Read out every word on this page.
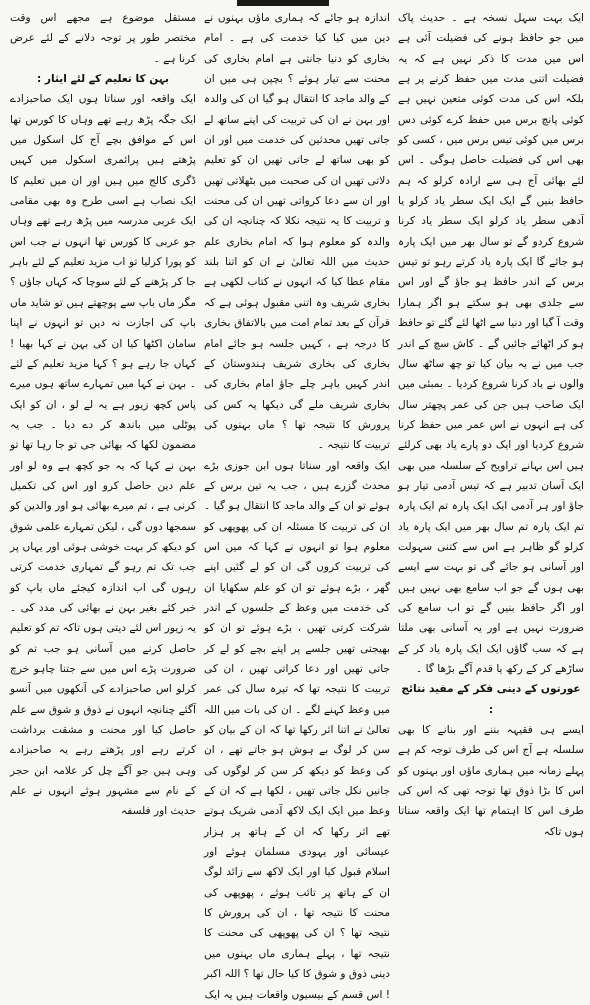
ایک بہت سہل نسخہ ہے ۔ حدیث پاک میں جو حافظ ہونے کی فضیلت آئی ہے اس میں مدت کا ذکر نہیں ہے کہ یہ فضیلت اتنی مدت میں حفظ کرنے پر ہے بلکہ اس کی مدت کوئی متعین نہیں ہے کوئی پانچ برس میں حفظ کرے کوئی دس برس میں کوئی تیس برس میں ، کسی کو بھی اس کی فضیلت حاصل ہوگی ۔ اس لئے بھائی آج ہی سے ارادہ کرلو کہ ہم حافظ بنیں گے ایک ایک سطر یاد کرلو یا آدھی سطر یاد کرلو ایک سطر یاد کرنا شروع کردو گے تو سال بھر میں ایک پارہ ہو جائے گا ایک پارہ یاد کرتے رہو تو تیس برس کے اندر حافظ ہو جاؤ گے اور اس سے جلدی بھی ہو سکتے ہو اگر ہمارا وقت آ گیا اور دنیا سے اٹھا لئے گئے تو حافظ ہو کر اٹھائے جائیں گے ۔ کاش سچ کے اندر جب میں نے یہ بیان کیا تو چھ ساٹھ سال والوں نے یاد کرنا شروع کردیا ۔ بمبئی میں ایک صاحب ہیں جن کی عمر پچھتر سال کی ہے انہوں نے اس عمر میں حفظ کرنا شروع کردیا اور ایک دو پارے یاد بھی کرلئے ہیں اس بہانے تراویح کے سلسلہ میں بھی ایک آسان تدبیر ہے کہ تیس آدمی تیار ہو جاؤ اور ہر آدمی ایک ایک پارہ تم ایک پارہ تم ایک پارہ تم سال بھر میں ایک پارہ یاد کرلو گو ظاہر ہے اس سے کتنی سہولت اور آسانی ہو جائے گی تو بہت سے ایسے بھی ہوں گے جو اب سامع بھی نہیں ہیں اور اگر حافظ بنیں گے تو اب سامع کی ضرورت نہیں ہے اور یہ آسانی بھی ملتا ہے کہ سب گاؤں ایک ایک پارہ یاد کر کے ساڑھے کر کے رکھ یا قدم آگے بڑھا گا ۔

عورتوں کے دینی فکر کے مفید نتائج :

ایسے ہی فقیہہ بننے اور بنانے کا بھی سلسلہ ہے آج اس کی طرف توجہ کم ہے پہلے زمانہ میں ہماری ماؤں اور بہنوں کو اس کا بڑا ذوق تھا توجہ تھی کہ اس کی طرف اس کا اہتمام تھا ایک واقعہ سناتا ہوں تاکہ

اندازہ ہو جائے کہ ہماری ماؤں بہنوں نے دین میں کیا کیا خدمت کی ہے ۔ امام بخاری کو دنیا جانتی ہے امام بخاری کی محنت سے تیار ہوئے ؟ بچپن ہی میں ان کے والد ماجد کا انتقال ہو گیا ان کی والدہ اور بہن نے ان کی تربیت کی اپنے ساتھ لے جاتی تھیں محدثین کی خدمت میں اور ان کو بھی ساتھ لے جاتی تھیں ان کو تعلیم دلاتی تھیں ان کی صحبت میں بٹھلاتی تھیں اور ان سے دعا کرواتی تھیں ان کی محنت و تربیت کا یہ نتیجہ نکلا کہ چنانچہ ان کی والدہ کو معلوم ہوا کہ امام بخاری علم حدیث میں اللہ تعالیٰ نے ان کو اتنا بلند مقام عطا کیا کہ انہوں نے کتاب لکھی ہے بخاری شریف وہ اتنی مقبول ہوئی ہے کہ قرآن کے بعد تمام امت میں بالاتفاق بخاری کا درجہ ہے ، کہیں جلسہ ہو جائے امام بخاری کی بخاری شریف ہندوستان کے اندر کہیں باہر چلے جاؤ امام بخاری کی بخاری شریف ملے گی دیکھا یہ کس کی پرورش کا نتیجہ تھا ؟ ماں بہنوں کی تربیت کا نتیجہ ۔

ایک واقعہ اور سناتا ہوں ابن جوزی بڑے محدث گزرے ہیں ، جب یہ تین برس کے ہوئے تو ان کے والد ماجد کا انتقال ہو گیا ۔ ان کی تربیت کا مسئلہ ان کی پھوپھی کو معلوم ہوا تو انہوں نے کہا کہ میں اس کی تربیت کروں گی ان کو لے گئیں اپنے گھر ، بڑے ہوئے تو ان کو علم سکھایا ان کی خدمت میں وعظ کے جلسوں کے اندر شرکت کرتی تھیں ، بڑے ہوئے تو ان کو بھیجتی تھیں جلسے پر اپنے بچے کو لے کر جاتی تھیں اور دعا کراتی تھیں ، ان کی تربیت کا نتیجہ تھا کہ تیرہ سال کی عمر میں وعظ کہنے لگے ۔ ان کی بات میں اللہ تعالیٰ نے اتنا اثر رکھا تھا کہ ان کے بیان کو سن کر لوگ بے ہوش ہو جاتے تھے ، ان کی وعظ کو دیکھ کر سن کر لوگوں کی جانیں نکل جاتی تھیں ، لکھا ہے کہ ان کے وعظ میں ایک ایک لاکھ آدمی شریک ہوتے تھے اثر رکھا کہ ان کے ہاتھ پر ہزار عیسائی اور یہودی مسلمان ہوئے اور اسلام قبول کیا اور ایک لاکھ سے زائد لوگ ان کے ہاتھ پر تائب ہوئے ، پھوپھی کی محنت کا نتیجہ تھا ، ان کی پرورش کا نتیجہ تھا ؟ ان کی پھوپھی کی محنت کا نتیجہ تھا ، پہلے ہماری ماں بہنوں میں دینی ذوق و شوق کا کیا حال تھا ؟ اللہ اکبر ! اس قسم کے بیسیوں واقعات ہیں یہ ایک

مستقل موضوع ہے مجھے اس وقت مختصر طور پر توجہ دلانے کے لئے عرض کرنا ہے ۔

بہن کا تعلیم کے لئے ایثار :

ایک واقعہ اور سناتا ہوں ایک صاحبزادے ایک جگہ پڑھ رہے تھے وہاں کا کورس تھا اس کے موافق بچے آج کل اسکول میں پڑھتے ہیں پرائمری اسکول میں کہیں ڈگری کالج میں ہیں اور ان میں تعلیم کا ایک نصاب ہے اسی طرح وہ بھی مقامی ایک عربی مدرسہ میں پڑھ رہے تھے وہاں جو عربی کا کورس تھا انہوں نے جب اس کو پورا کرلیا تو اب مزید تعلیم کے لئے باہر جا کر پڑھنے کے لئے سوچا کہ کہاں جاؤں ؟ مگر ماں باپ سے پوچھتے ہیں تو شاید ماں باپ کی اجازت نہ دیں تو انہوں نے اپنا سامان اکٹھا کیا ان کی بہن نے کہا بھیا ! کہاں جا رہے ہو ؟ کہا مزید تعلیم کے لئے ۔ بہن نے کہا میں تمہارے ساتھ ہوں میرے پاس کچھ زیور ہے یہ لے لو ، ان کو ایک پوٹلی میں باندھ کر دے دیا ۔ جب یہ مضمون لکھا کہ بھائی جی تو جا رہا تھا تو بہن نے کہا کہ یہ جو کچھ ہے وہ لو اور علم دین حاصل کرو اور اس کی تکمیل کرنی ہے ، تم میرے بھائی ہو اور والدین کو سمجھا دوں گی ، لیکن تمہارے علمی شوق کو دیکھ کر بہت خوشی ہوئی اور یہاں پر جب تک تم رہو گے تمہاری خدمت کرتی رہوں گی اب اندازہ کیجئے ماں باپ کو خبر کئے بغیر بہن نے بھائی کی مدد کی ۔ یہ زیور اس لئے دیتی ہوں تاکہ تم کو تعلیم حاصل کرنے میں آسانی ہو جب تم کو ضرورت پڑے اس میں سے جتنا چاہو خرچ کرلو اس صاحبزادے کی آنکھوں میں آنسو آگئے چنانچہ انہوں نے ذوق و شوق سے علم حاصل کیا اور محنت و مشقت برداشت کرتے رہے اور پڑھتے رہے یہ صاحبزادے وہی ہیں جو آگے چل کر علامہ ابن حجر کے نام سے مشہور ہوئے انہوں نے علم حدیث اور فلسفہ
